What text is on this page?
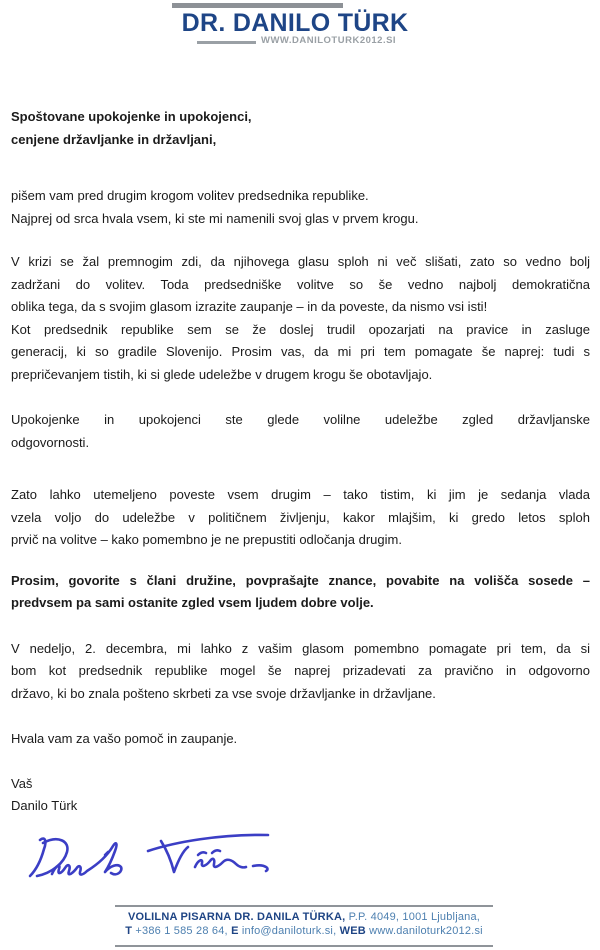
DR. DANILO TÜRK
WWW.DANILOTURK2012.SI
Spoštovane upokojenke in upokojenci,
cenjene državljanke in državljani,
pišem vam pred drugim krogom volitev predsednika republike.
Najprej od srca hvala vsem, ki ste mi namenili svoj glas v prvem krogu.
V krizi se žal premnogim zdi, da njihovega glasu sploh ni več slišati, zato so vedno bolj
zadržani do volitev. Toda predsedniške volitve so še vedno najbolj demokratična
oblika tega, da s svojim glasom izrazite zaupanje – in da poveste, da nismo vsi isti!
Kot predsednik republike sem se že doslej trudil opozarjati na pravice in zasluge
generacij, ki so gradile Slovenijo. Prosim vas, da mi pri tem pomagate še naprej: tudi s
prepričevanjem tistih, ki si glede udeležbe v drugem krogu še obotavljajo.
Upokojenke in upokojenci ste glede volilne udeležbe zgled državljanske
odgovornosti.
Zato lahko utemeljeno poveste vsem drugim – tako tistim, ki jim je sedanja vlada
vzela voljo do udeležbe v političnem življenju, kakor mlajšim, ki gredo letos sploh
prvič na volitve – kako pomembno je ne prepustiti odločanja drugim.
Prosim, govorite s člani družine, povprašajte znance, povabite na volišča sosede –
predvsem pa sami ostanite zgled vsem ljudem dobre volje.
V nedeljo, 2. decembra, mi lahko z vašim glasom pomembno pomagate pri tem, da si
bom kot predsednik republike mogel še naprej prizadevati za pravično in odgovorno
državo, ki bo znala pošteno skrbeti za vse svoje državljanke in državljane.
Hvala vam za vašo pomoč in zaupanje.
Vaš
Danilo Türk
VOLILNA PISARNA DR. DANILA TÜRKA, P.P. 4049, 1001 Ljubljana,
T +386 1 585 28 64, E info@daniloturk.si, WEB www.daniloturk2012.si
